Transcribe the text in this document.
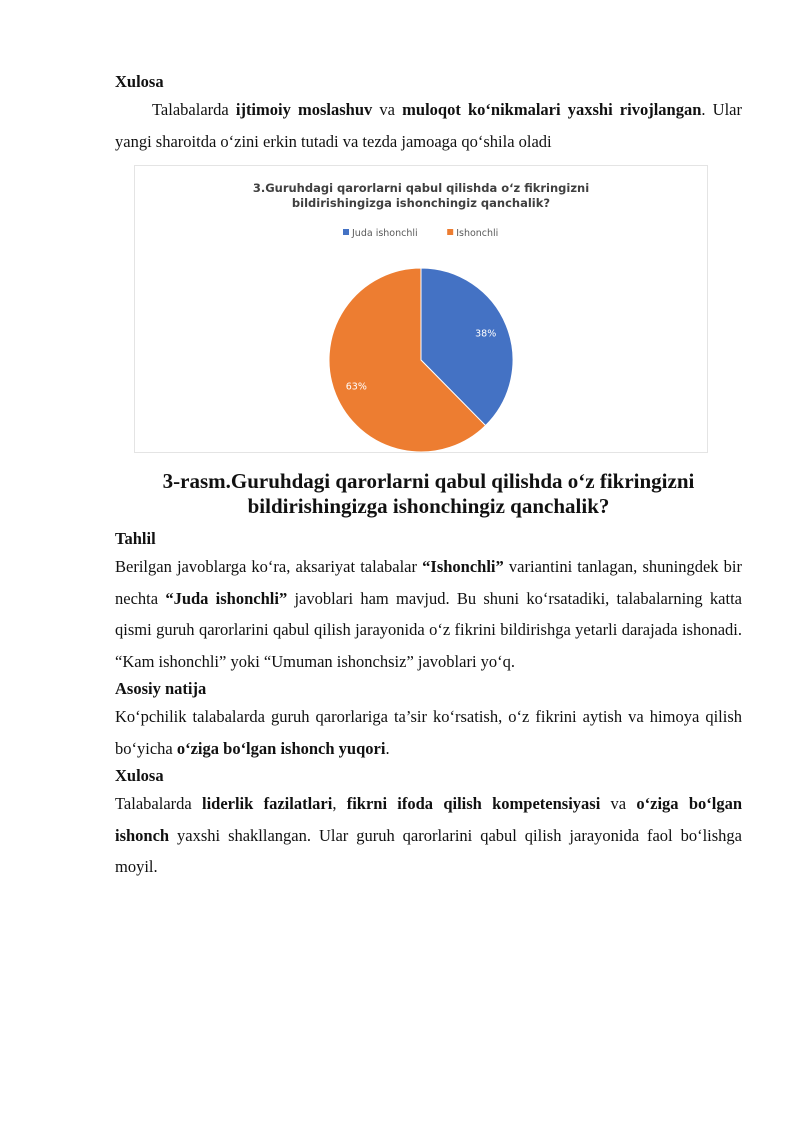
Xulosa

Talabalarda ijtimoiy moslashuv va muloqot ko‘nikmalari yaxshi rivojlangan. Ular yangi sharoitda o‘zini erkin tutadi va tezda jamoaga qo‘shila oladi

3.Guruhdagi qarorlarni qabul qilishda o‘z fikringizni
bildirishingizga ishonchingiz qanchalik?
Juda ishonchli	Ishonchli
38%
63%

3-rasm.Guruhdagi qarorlarni qabul qilishda o‘z fikringizni bildirishingizga ishonchingiz qanchalik?

Tahlil

Berilgan javoblarga ko‘ra, aksariyat talabalar “Ishonchli” variantini tanlagan, shuningdek bir nechta “Juda ishonchli” javoblari ham mavjud. Bu shuni ko‘rsatadiki, talabalarning katta qismi guruh qarorlarini qabul qilish jarayonida o‘z fikrini bildirishga yetarli darajada ishonadi. “Kam ishonchli” yoki “Umuman ishonchsiz” javoblari yo‘q.

Asosiy natija

Ko‘pchilik talabalarda guruh qarorlariga ta’sir ko‘rsatish, o‘z fikrini aytish va himoya qilish bo‘yicha o‘ziga bo‘lgan ishonch yuqori.

Xulosa

Talabalarda liderlik fazilatlari, fikrni ifoda qilish kompetensiyasi va o‘ziga bo‘lgan ishonch yaxshi shakllangan. Ular guruh qarorlarini qabul qilish jarayonida faol bo‘lishga moyil.
